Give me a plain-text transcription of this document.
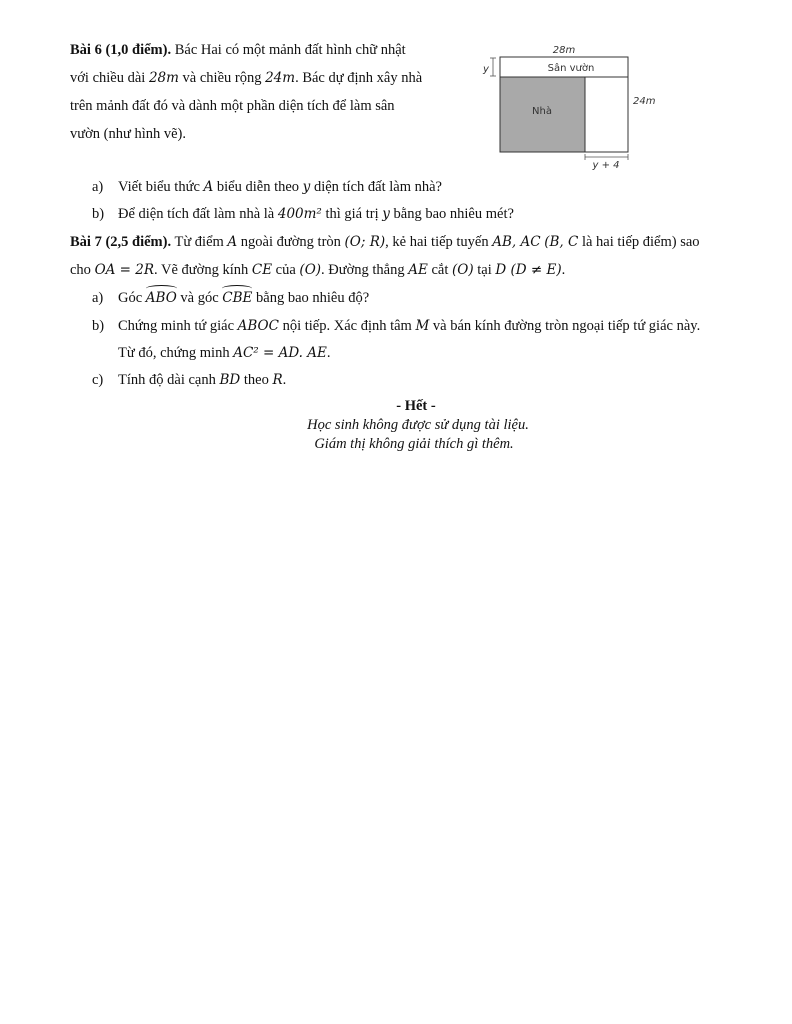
Bài 6 (1,0 điểm). Bác Hai có một mảnh đất hình chữ nhật
với chiều dài 28m và chiều rộng 24m. Bác dự định xây nhà
trên mảnh đất đó và dành một phần diện tích để làm sân
vườn (như hình vẽ).
28m
24m
y
y + 4
Sân vườn
Nhà
a) Viết biểu thức A biểu diễn theo y diện tích đất làm nhà?
b) Để diện tích đất làm nhà là 400m² thì giá trị y bằng bao nhiêu mét?
Bài 7 (2,5 điểm). Từ điểm A ngoài đường tròn (O; R), kẻ hai tiếp tuyến AB, AC (B, C là hai tiếp điểm) sao
cho OA = 2R. Vẽ đường kính CE của (O). Đường thẳng AE cắt (O) tại D (D ≠ E).
a) Góc ABO và góc CBE bằng bao nhiêu độ?
b) Chứng minh tứ giác ABOC nội tiếp. Xác định tâm M và bán kính đường tròn ngoại tiếp tứ giác này.
Từ đó, chứng minh AC² = AD. AE.
c) Tính độ dài cạnh BD theo R.
- Hết -
Học sinh không được sử dụng tài liệu.
Giám thị không giải thích gì thêm.
